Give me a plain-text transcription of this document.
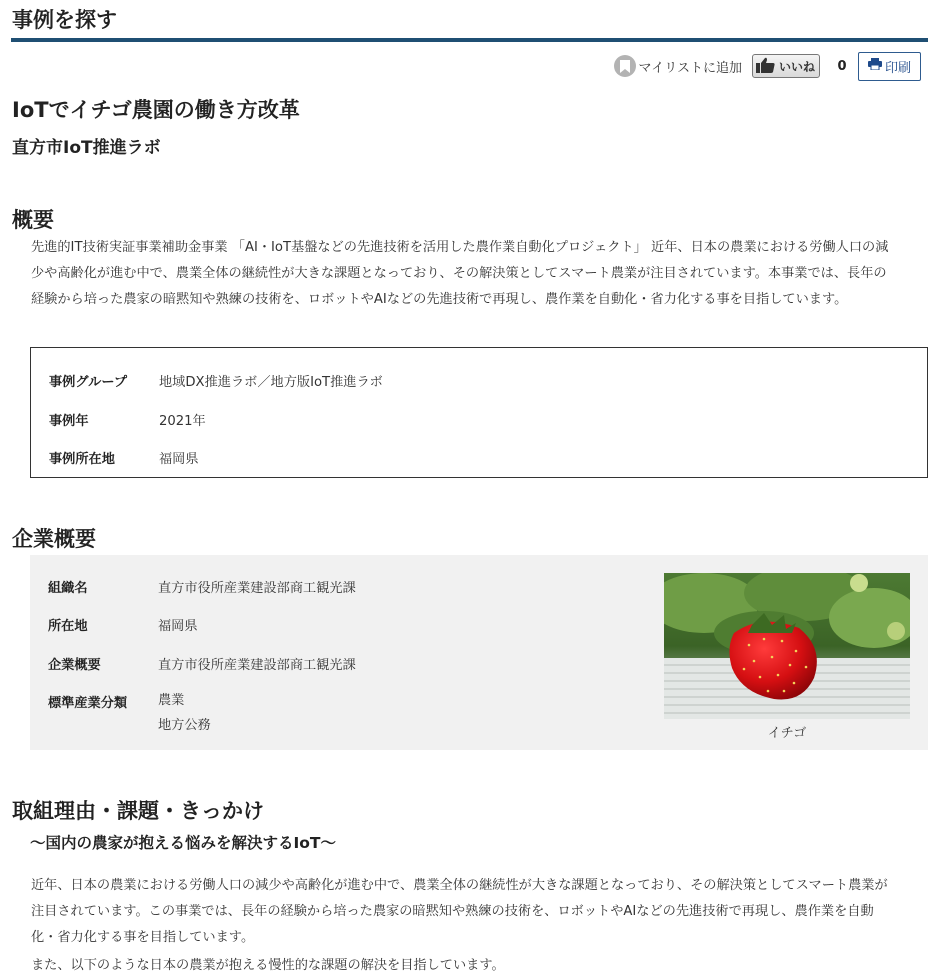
事例を探す
マイリストに追加	いいね	0	印刷
IoTでイチゴ農園の働き方改革
直方市IoT推進ラボ
概要
先進的IT技術実証事業補助金事業 「AI・IoT基盤などの先進技術を活用した農作業自動化プロジェクト」 近年、日本の農業における労働人口の減
少や高齢化が進む中で、農業全体の継続性が大きな課題となっており、その解決策としてスマート農業が注目されています。本事業では、長年の
経験から培った農家の暗黙知や熟練の技術を、ロボットやAIなどの先進技術で再現し、農作業を自動化・省力化する事を目指しています。
事例グループ	地域DX推進ラボ／地方版IoT推進ラボ
事例年	2021年
事例所在地	福岡県
企業概要
組織名	直方市役所産業建設部商工観光課
所在地	福岡県
企業概要	直方市役所産業建設部商工観光課
標準産業分類	農業
地方公務
イチゴ
取組理由・課題・きっかけ
〜国内の農家が抱える悩みを解決するIoT〜
近年、日本の農業における労働人口の減少や高齢化が進む中で、農業全体の継続性が大きな課題となっており、その解決策としてスマート農業が
注目されています。この事業では、長年の経験から培った農家の暗黙知や熟練の技術を、ロボットやAIなどの先進技術で再現し、農作業を自動
化・省力化する事を目指しています。
また、以下のような日本の農業が抱える慢性的な課題の解決を目指しています。
